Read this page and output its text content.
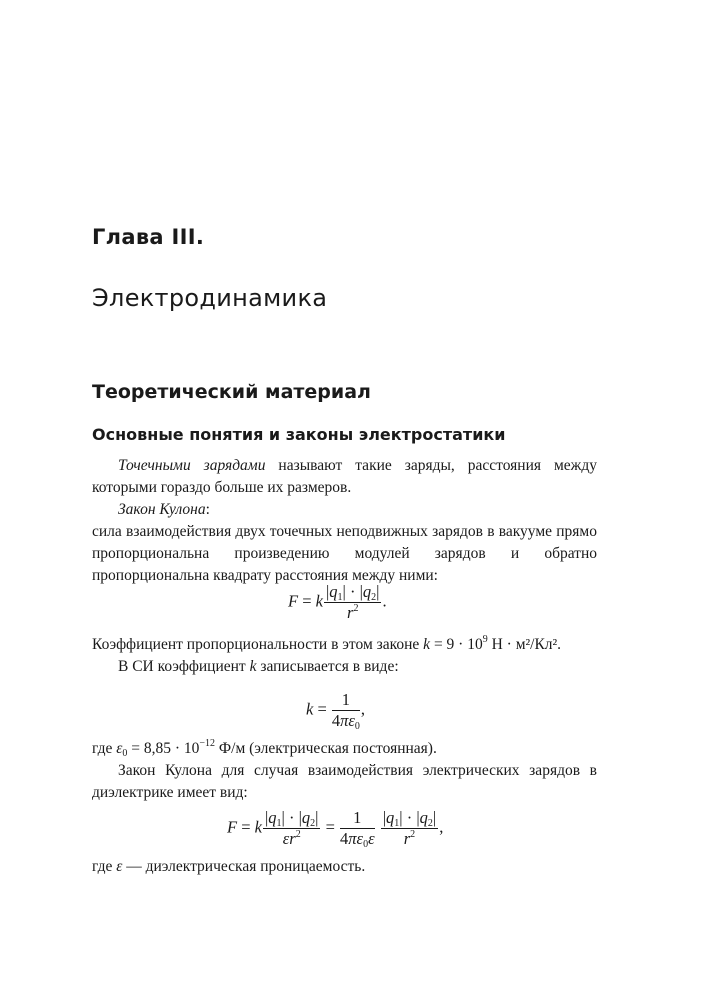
Глава III.
Электродинамика
Теоретический материал
Основные понятия и законы электростатики

Точечными зарядами называют такие заряды, расстояния между которыми гораздо больше их размеров.

Закон Кулона:

сила взаимодействия двух точечных неподвижных зарядов в вакууме прямо пропорциональна произведению модулей зарядов и обратно пропорциональна квадрату расстояния между ними:

F = k $\frac{|q_1| \cdot |q_2|}{r^2}$ .

Коэффициент пропорциональности в этом законе $k = 9 \cdot 10^9$ Н · м²/Кл².

В СИ коэффициент k записывается в виде:

$k = \frac{1}{4\pi\varepsilon_0}$ ,

где $\varepsilon_0 = 8,85 \cdot 10^{-12}$ Ф/м (электрическая постоянная).

Закон Кулона для случая взаимодействия электрических зарядов в диэлектрике имеет вид:

F = k $\frac{|q_1| \cdot |q_2|}{\varepsilon r^2} = \frac{1}{4\pi\varepsilon_0\varepsilon}$
$\frac{|q_1| \cdot |q_2|}{r^2}$ ,

где ε — диэлектрическая проницаемость.
